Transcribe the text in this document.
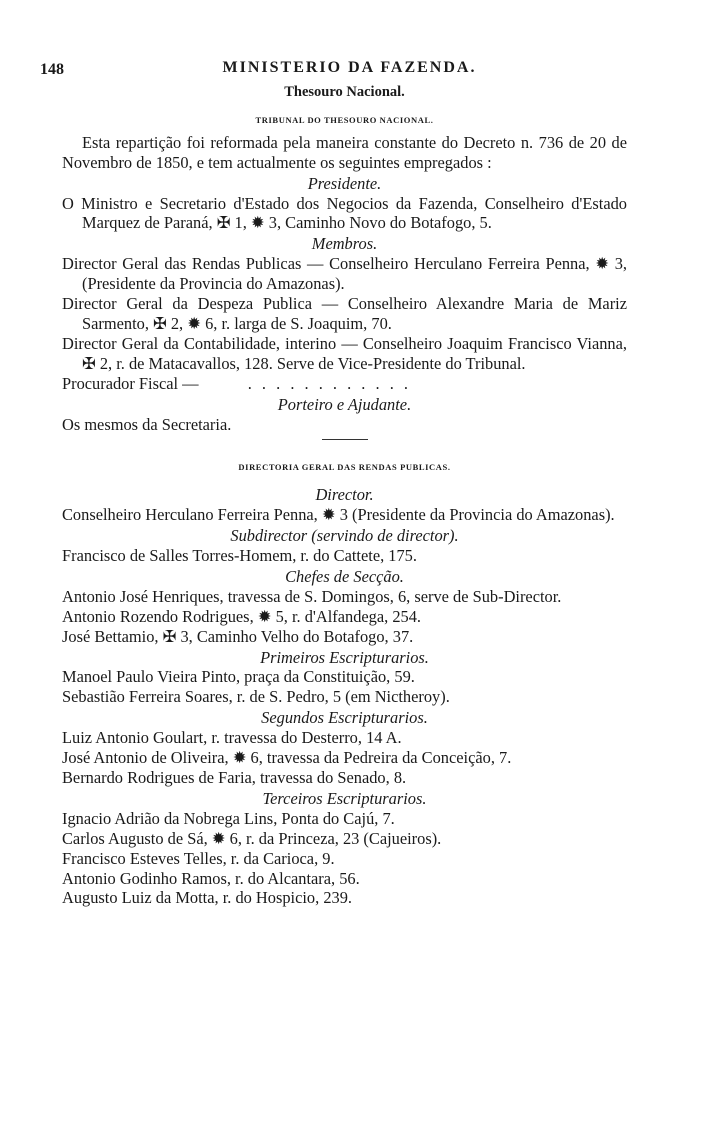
148	MINISTERIO DA FAZENDA.
Thesouro Nacional.
TRIBUNAL DO THESOURO NACIONAL.
Esta repartição foi reformada pela maneira constante do Decreto n. 736 de 20 de Novembro de 1850, e tem actualmente os seguintes empregados :
Presidente.
O Ministro e Secretario d'Estado dos Negocios da Fazenda, Conselheiro d'Estado Marquez de Paraná, ✠ 1, ✹ 3, Caminho Novo do Botafogo, 5.
Membros.
Director Geral das Rendas Publicas — Conselheiro Herculano Ferreira Penna, ✹ 3, (Presidente da Provincia do Amazonas).
Director Geral da Despeza Publica — Conselheiro Alexandre Maria de Mariz Sarmento, ✠ 2, ✹ 6, r. larga de S. Joaquim, 70.
Director Geral da Contabilidade, interino — Conselheiro Joaquim Francisco Vianna, ✠ 2, r. de Matacavallos, 128. Serve de Vice-Presidente do Tribunal.
Procurador Fiscal —	. . . . . . . . . . . .
Porteiro e Ajudante.
Os mesmos da Secretaria.
DIRECTORIA GERAL DAS RENDAS PUBLICAS.
Director.
Conselheiro Herculano Ferreira Penna, ✹ 3 (Presidente da Provincia do Amazonas).
Subdirector (servindo de director).
Francisco de Salles Torres-Homem, r. do Cattete, 175.
Chefes de Secção.
Antonio José Henriques, travessa de S. Domingos, 6, serve de Sub-Director.
Antonio Rozendo Rodrigues, ✹ 5, r. d'Alfandega, 254.
José Bettamio, ✠ 3, Caminho Velho do Botafogo, 37.
Primeiros Escripturarios.
Manoel Paulo Vieira Pinto, praça da Constituição, 59.
Sebastião Ferreira Soares, r. de S. Pedro, 5 (em Nictheroy).
Segundos Escripturarios.
Luiz Antonio Goulart, r. travessa do Desterro, 14 A.
José Antonio de Oliveira, ✹ 6, travessa da Pedreira da Conceição, 7.
Bernardo Rodrigues de Faria, travessa do Senado, 8.
Terceiros Escripturarios.
Ignacio Adrião da Nobrega Lins, Ponta do Cajú, 7.
Carlos Augusto de Sá, ✹ 6, r. da Princeza, 23 (Cajueiros).
Francisco Esteves Telles, r. da Carioca, 9.
Antonio Godinho Ramos, r. do Alcantara, 56.
Augusto Luiz da Motta, r. do Hospicio, 239.
